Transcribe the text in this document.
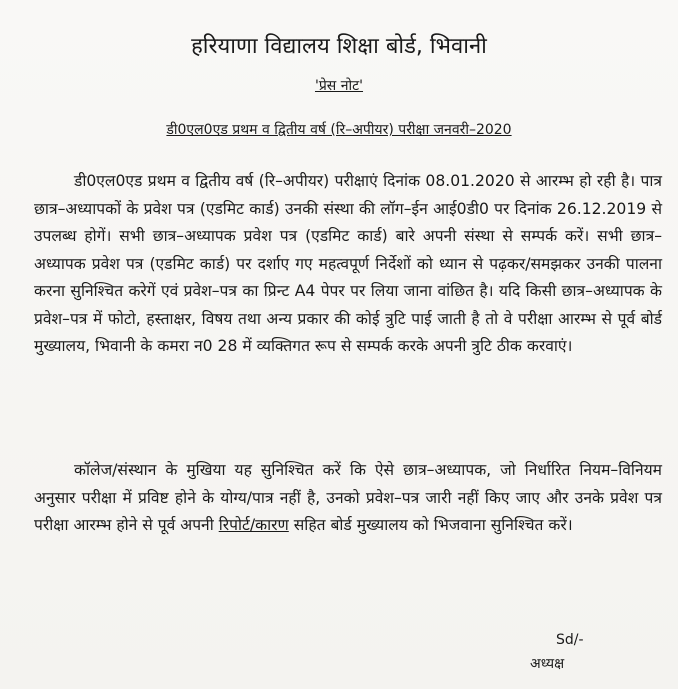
हरियाणा विद्यालय शिक्षा बोर्ड, भिवानी
'प्रेस नोट'
डी0एल0एड प्रथम व द्वितीय वर्ष (रि–अपीयर) परीक्षा जनवरी–2020

डी0एल0एड प्रथम व द्वितीय वर्ष (रि–अपीयर) परीक्षाएं दिनांक 08.01.2020 से आरम्भ हो रही है। पात्र छात्र–अध्यापकों के प्रवेश पत्र (एडमिट कार्ड) उनकी संस्था की लॉग–ईन आई0डी0 पर दिनांक 26.12.2019 से उपलब्ध होगें। सभी छात्र–अध्यापक प्रवेश पत्र (एडमिट कार्ड) बारे अपनी संस्था से सम्पर्क करें। सभी छात्र–अध्यापक प्रवेश पत्र (एडमिट कार्ड) पर दर्शाए गए महत्वपूर्ण निर्देशों को ध्यान से पढ़कर/समझकर उनकी पालना करना सुनिश्चित करेगें एवं प्रवेश–पत्र का प्रिन्ट A4 पेपर पर लिया जाना वांछित है। यदि किसी छात्र–अध्यापक के प्रवेश–पत्र में फोटो, हस्ताक्षर, विषय तथा अन्य प्रकार की कोई त्रुटि पाई जाती है तो वे परीक्षा आरम्भ से पूर्व बोर्ड मुख्यालय, भिवानी के कमरा न0 28 में व्यक्तिगत रूप से सम्पर्क करके अपनी त्रुटि ठीक करवाएं।

कॉलेज/संस्थान के मुखिया यह सुनिश्चित करें कि ऐसे छात्र–अध्यापक, जो निर्धारित नियम–विनियम अनुसार परीक्षा में प्रविष्ट होने के योग्य/पात्र नहीं है, उनको प्रवेश–पत्र जारी नहीं किए जाए और उनके प्रवेश पत्र परीक्षा आरम्भ होने से पूर्व अपनी रिपोर्ट/कारण सहित बोर्ड मुख्यालय को भिजवाना सुनिश्चित करें।

Sd/-
अध्यक्ष
